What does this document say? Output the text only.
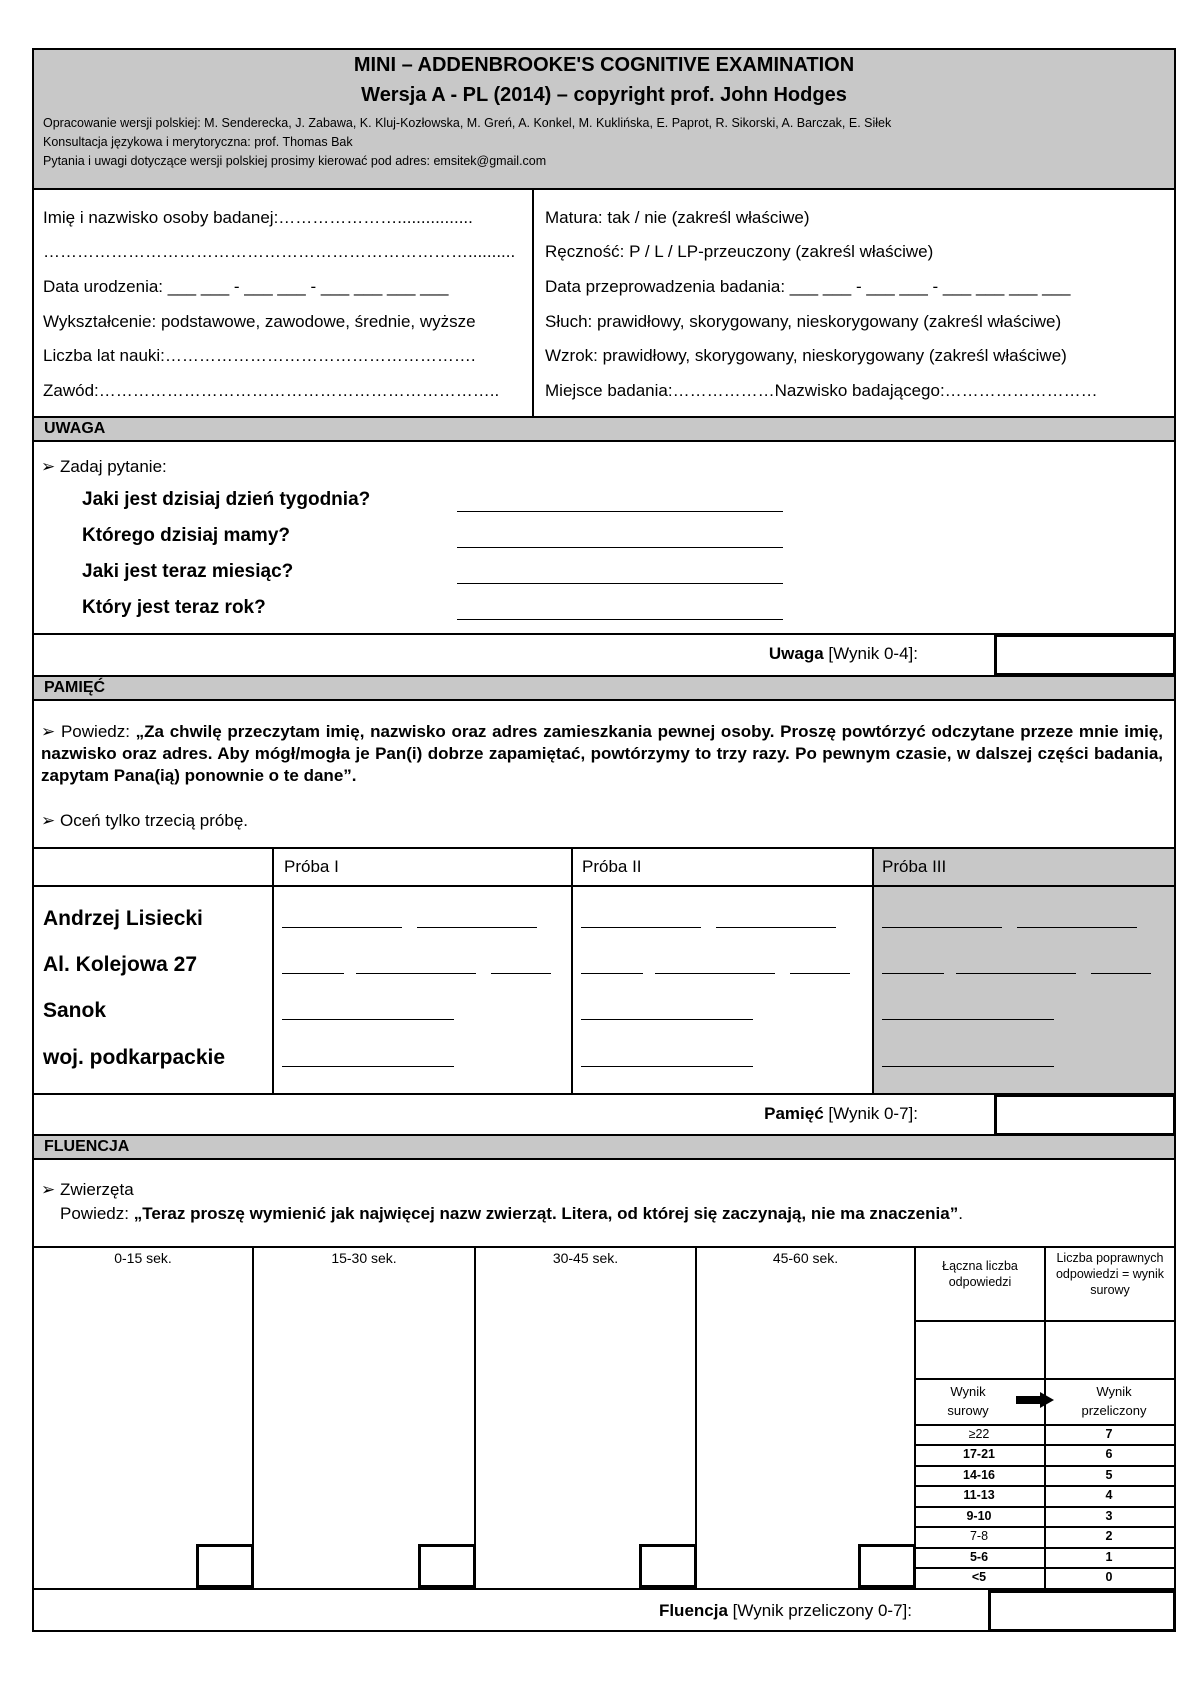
MINI – ADDENBROOKE'S COGNITIVE EXAMINATION
Wersja A - PL (2014) – copyright prof. John Hodges
Opracowanie wersji polskiej: M. Senderecka, J. Zabawa, K. Kluj-Kozłowska, M. Greń, A. Konkel, M. Kuklińska, E. Paprot, R. Sikorski, A. Barczak, E. Siłek
Konsultacja językowa i merytoryczna: prof. Thomas Bak
Pytania i uwagi dotyczące wersji polskiej prosimy kierować pod adres: emsitek@gmail.com
Imię i nazwisko osoby badanej:…………………................
…………………………………………………………………..........
Data urodzenia: ___ ___ - ___ ___ - ___ ___ ___ ___
Wykształcenie: podstawowe, zawodowe, średnie, wyższe
Liczba lat nauki:……………………………………………….
Zawód:……………………………………………………………..
Matura: tak / nie (zakreśl właściwe)
Ręczność: P / L / LP-przeuczony (zakreśl właściwe)
Data przeprowadzenia badania: ___ ___ - ___ ___ - ___ ___ ___ ___
Słuch: prawidłowy, skorygowany, nieskorygowany (zakreśl właściwe)
Wzrok: prawidłowy, skorygowany, nieskorygowany (zakreśl właściwe)
Miejsce badania:………………Nazwisko badającego:………………………
UWAGA
➢ Zadaj pytanie:
Jaki jest dzisiaj dzień tygodnia?
Którego dzisiaj mamy?
Jaki jest teraz miesiąc?
Który jest teraz rok?
Uwaga [Wynik 0-4]:
PAMIĘĆ
➢ Powiedz: „Za chwilę przeczytam imię, nazwisko oraz adres zamieszkania pewnej osoby. Proszę powtórzyć odczytane przeze mnie imię, nazwisko oraz adres. Aby mógł/mogła je Pan(i) dobrze zapamiętać, powtórzymy to trzy razy. Po pewnym czasie, w dalszej części badania, zapytam Pana(ią) ponownie o te dane”.
➢ Oceń tylko trzecią próbę.
Próba I	Próba II	Próba III
Andrzej Lisiecki
Al. Kolejowa 27
Sanok
woj. podkarpackie
Pamięć [Wynik 0-7]:
FLUENCJA
➢ Zwierzęta
Powiedz: „Teraz proszę wymienić jak najwięcej nazw zwierząt. Litera, od której się zaczynają, nie ma znaczenia”.
0-15 sek.	15-30 sek.	30-45 sek.	45-60 sek.	Łączna liczba odpowiedzi
Liczba poprawnych odpowiedzi = wynik surowy
Wynik surowy
Wynik przeliczony
≥22	7
17-21	6
14-16	5
11-13	4
9-10	3
7-8	2
5-6	1
<5	0
Fluencja [Wynik przeliczony 0-7]:
